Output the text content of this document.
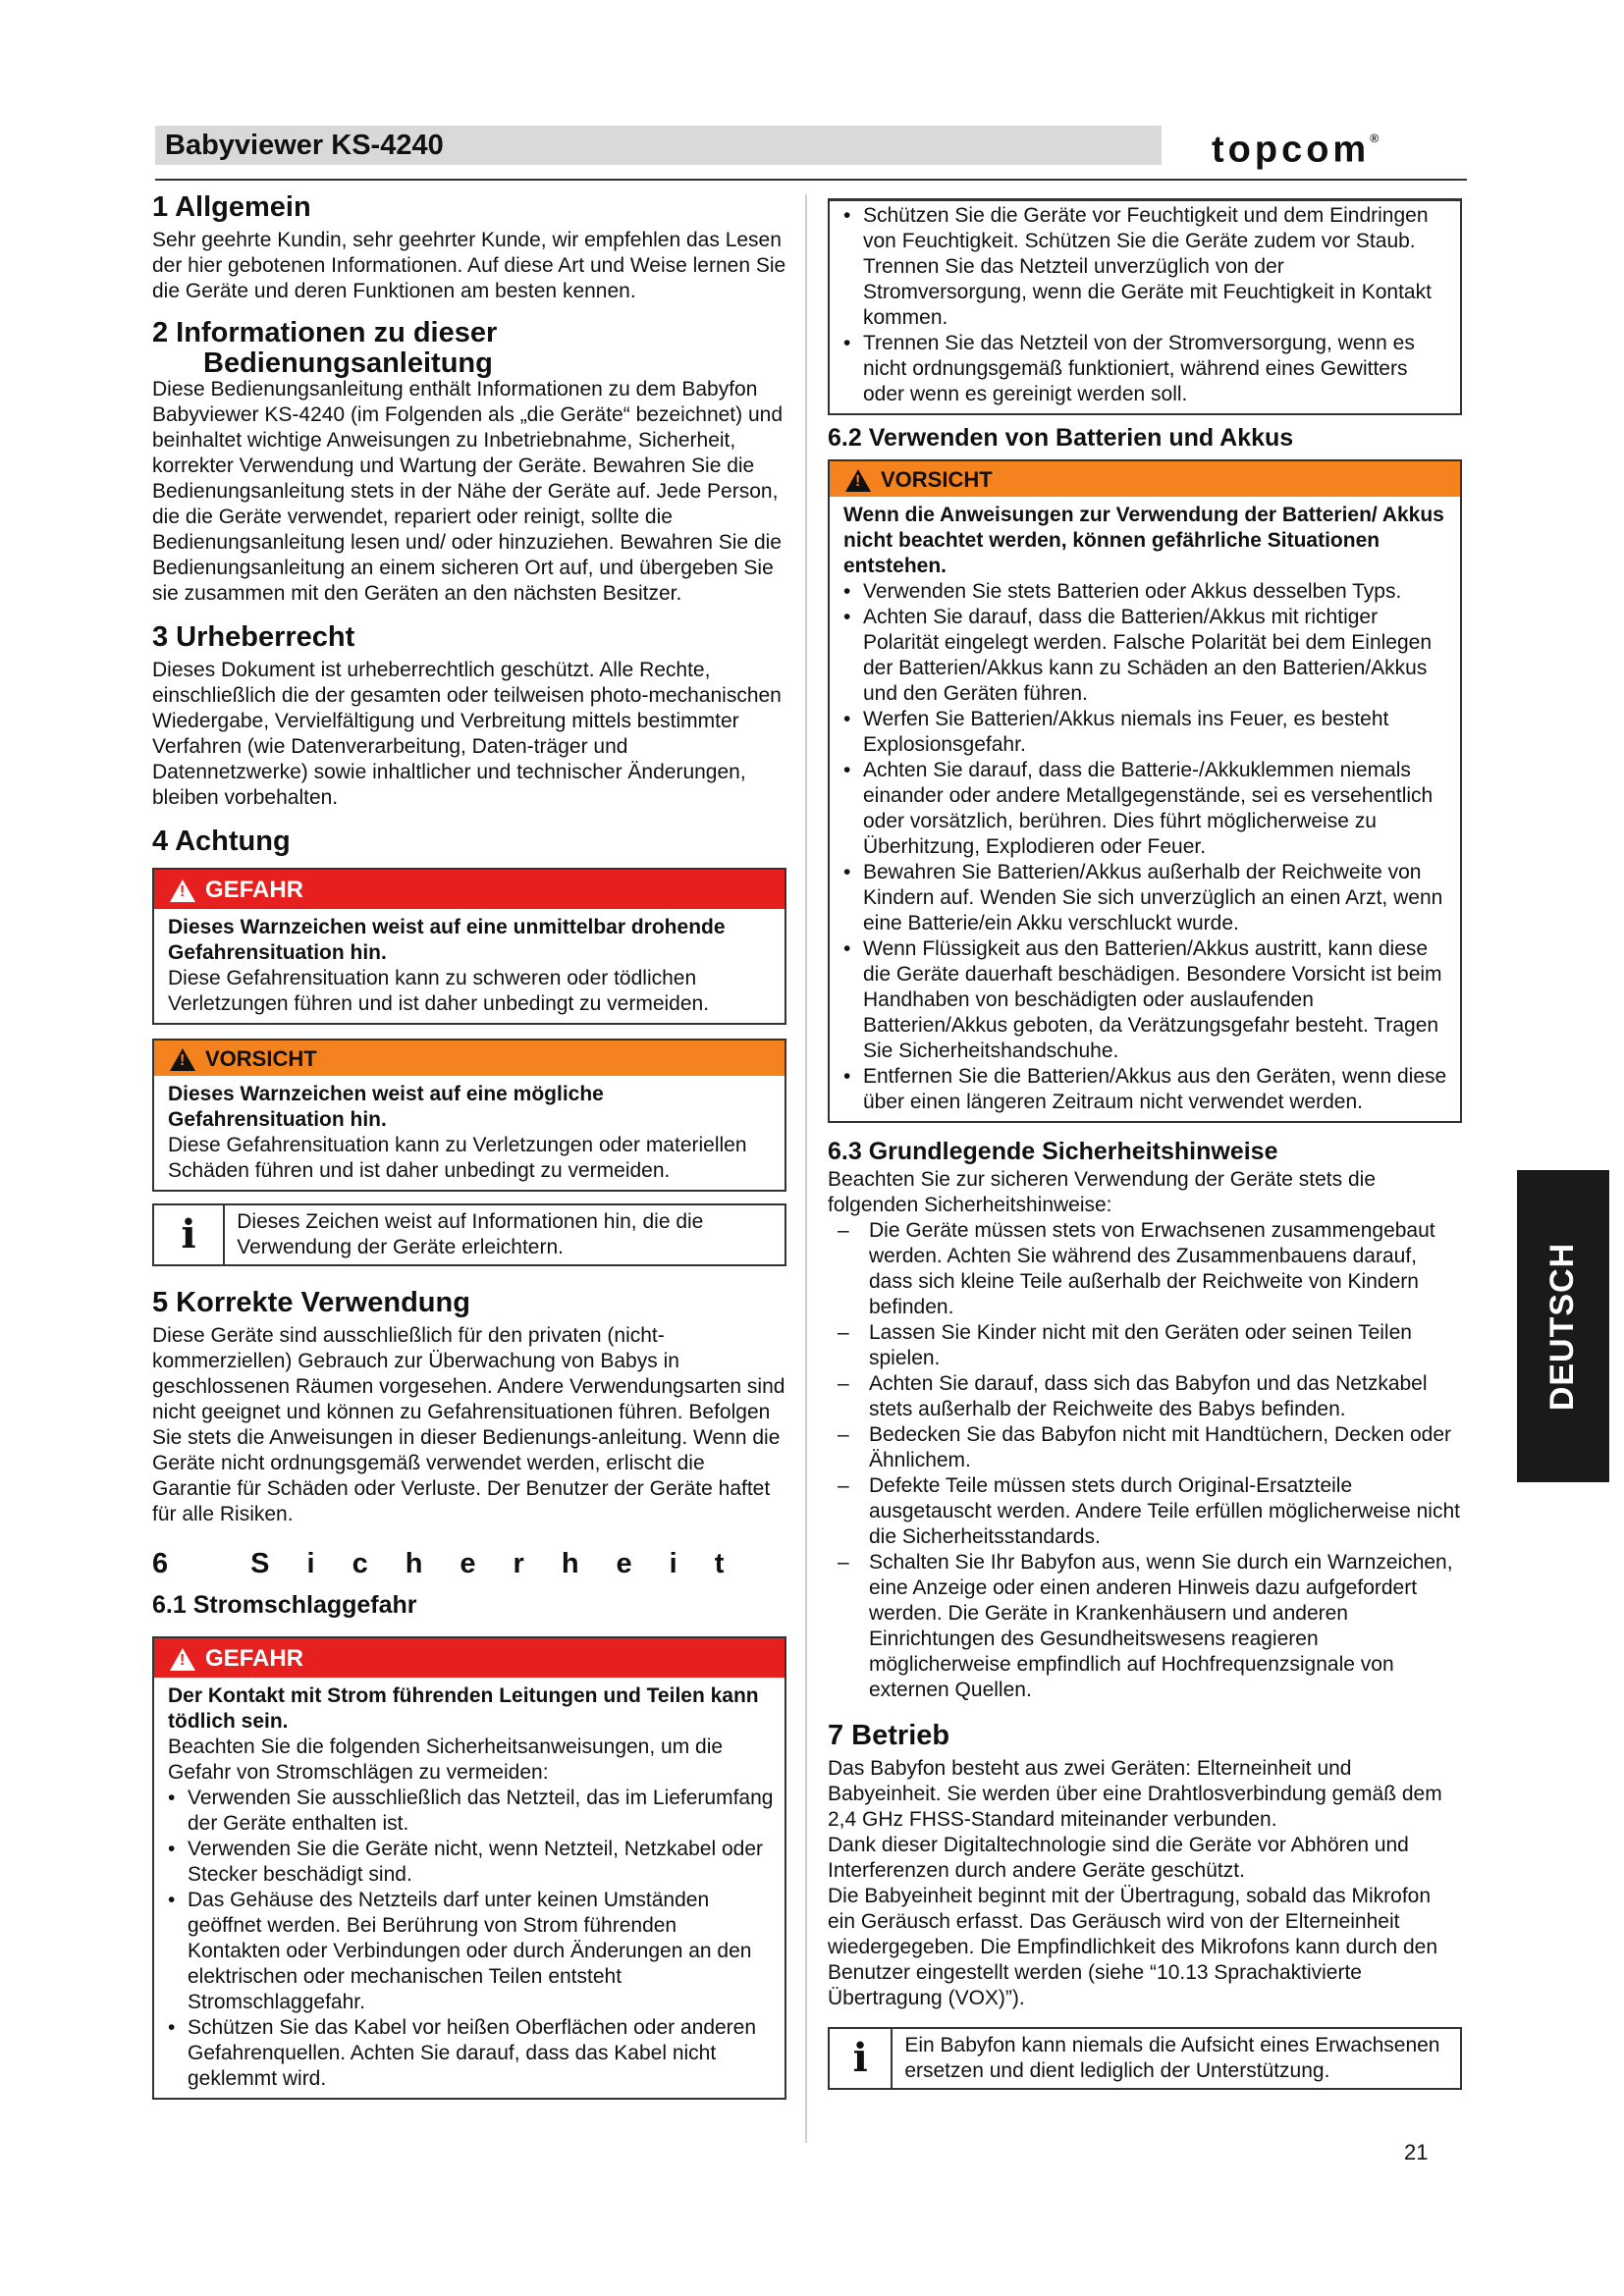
Babyviewer KS-4240	topcom®
1 Allgemein

Sehr geehrte Kundin, sehr geehrter Kunde, wir empfehlen das Lesen der hier gebotenen Informationen. Auf diese Art und Weise lernen Sie die Geräte und deren Funktionen am besten kennen.

2 Informationen zu dieser
Bedienungsanleitung

Diese Bedienungsanleitung enthält Informationen zu dem Babyfon Babyviewer KS-4240 (im Folgenden als „die Geräte“ bezeichnet) und beinhaltet wichtige Anweisungen zu Inbetriebnahme, Sicherheit, korrekter Verwendung und Wartung der Geräte. Bewahren Sie die Bedienungsanleitung stets in der Nähe der Geräte auf. Jede Person, die die Geräte verwendet, repariert oder reinigt, sollte die Bedienungsanleitung lesen und/ oder hinzuziehen. Bewahren Sie die Bedienungsanleitung an einem sicheren Ort auf, und übergeben Sie sie zusammen mit den Geräten an den nächsten Besitzer.

3 Urheberrecht

Dieses Dokument ist urheberrechtlich geschützt. Alle Rechte, einschließlich die der gesamten oder teilweisen photo-mechanischen Wiedergabe, Vervielfältigung und Verbreitung mittels bestimmter Verfahren (wie Datenverarbeitung, Daten-träger und Datennetzwerke) sowie inhaltlicher und technischer Änderungen, bleiben vorbehalten.

4 Achtung
! GEFAHR

Dieses Warnzeichen weist auf eine unmittelbar drohende Gefahrensituation hin.

Diese Gefahrensituation kann zu schweren oder tödlichen Verletzungen führen und ist daher unbedingt zu vermeiden.

! VORSICHT

Dieses Warnzeichen weist auf eine mögliche Gefahrensituation hin.

Diese Gefahrensituation kann zu Verletzungen oder materiellen Schäden führen und ist daher unbedingt zu vermeiden.

i	Dieses Zeichen weist auf Informationen hin, die die Verwendung der Geräte erleichtern.
5 Korrekte Verwendung

Diese Geräte sind ausschließlich für den privaten (nicht-kommerziellen) Gebrauch zur Überwachung von Babys in geschlossenen Räumen vorgesehen. Andere Verwendungsarten sind nicht geeignet und können zu Gefahrensituationen führen. Befolgen Sie stets die Anweisungen in dieser Bedienungs-anleitung. Wenn die Geräte nicht ordnungsgemäß verwendet werden, erlischt die Garantie für Schäden oder Verluste. Der Benutzer der Geräte haftet für alle Risiken.

6 Sicherheit
6.1 Stromschlaggefahr
! GEFAHR

Der Kontakt mit Strom führenden Leitungen und Teilen kann tödlich sein.

Beachten Sie die folgenden Sicherheitsanweisungen, um die Gefahr von Stromschlägen zu vermeiden:

• Verwenden Sie ausschließlich das Netzteil, das im Lieferumfang der Geräte enthalten ist.
• Verwenden Sie die Geräte nicht, wenn Netzteil, Netzkabel oder Stecker beschädigt sind.
• Das Gehäuse des Netzteils darf unter keinen Umständen geöffnet werden. Bei Berührung von Strom führenden Kontakten oder Verbindungen oder durch Änderungen an den elektrischen oder mechanischen Teilen entsteht Stromschlaggefahr.
• Schützen Sie das Kabel vor heißen Oberflächen oder anderen Gefahrenquellen. Achten Sie darauf, dass das Kabel nicht geklemmt wird.
• Schützen Sie die Geräte vor Feuchtigkeit und dem Eindringen von Feuchtigkeit. Schützen Sie die Geräte zudem vor Staub. Trennen Sie das Netzteil unverzüglich von der Stromversorgung, wenn die Geräte mit Feuchtigkeit in Kontakt kommen.
• Trennen Sie das Netzteil von der Stromversorgung, wenn es nicht ordnungsgemäß funktioniert, während eines Gewitters oder wenn es gereinigt werden soll.
6.2 Verwenden von Batterien und Akkus
! VORSICHT

Wenn die Anweisungen zur Verwendung der Batterien/ Akkus nicht beachtet werden, können gefährliche Situationen entstehen.

• Verwenden Sie stets Batterien oder Akkus desselben Typs.
• Achten Sie darauf, dass die Batterien/Akkus mit richtiger Polarität eingelegt werden. Falsche Polarität bei dem Einlegen der Batterien/Akkus kann zu Schäden an den Batterien/Akkus und den Geräten führen.
• Werfen Sie Batterien/Akkus niemals ins Feuer, es besteht Explosionsgefahr.
• Achten Sie darauf, dass die Batterie-/Akkuklemmen niemals einander oder andere Metallgegenstände, sei es versehentlich oder vorsätzlich, berühren. Dies führt möglicherweise zu Überhitzung, Explodieren oder Feuer.
• Bewahren Sie Batterien/Akkus außerhalb der Reichweite von Kindern auf. Wenden Sie sich unverzüglich an einen Arzt, wenn eine Batterie/ein Akku verschluckt wurde.
• Wenn Flüssigkeit aus den Batterien/Akkus austritt, kann diese die Geräte dauerhaft beschädigen. Besondere Vorsicht ist beim Handhaben von beschädigten oder auslaufenden Batterien/Akkus geboten, da Verätzungsgefahr besteht. Tragen Sie Sicherheitshandschuhe.
• Entfernen Sie die Batterien/Akkus aus den Geräten, wenn diese über einen längeren Zeitraum nicht verwendet werden.
6.3 Grundlegende Sicherheitshinweise

Beachten Sie zur sicheren Verwendung der Geräte stets die folgenden Sicherheitshinweise:

– Die Geräte müssen stets von Erwachsenen zusammengebaut werden. Achten Sie während des Zusammenbauens darauf, dass sich kleine Teile außerhalb der Reichweite von Kindern befinden.
– Lassen Sie Kinder nicht mit den Geräten oder seinen Teilen spielen.
– Achten Sie darauf, dass sich das Babyfon und das Netzkabel stets außerhalb der Reichweite des Babys befinden.
– Bedecken Sie das Babyfon nicht mit Handtüchern, Decken oder Ähnlichem.
– Defekte Teile müssen stets durch Original-Ersatzteile ausgetauscht werden. Andere Teile erfüllen möglicherweise nicht die Sicherheitsstandards.
– Schalten Sie Ihr Babyfon aus, wenn Sie durch ein Warnzeichen, eine Anzeige oder einen anderen Hinweis dazu aufgefordert werden. Die Geräte in Krankenhäusern und anderen Einrichtungen des Gesundheitswesens reagieren möglicherweise empfindlich auf Hochfrequenzsignale von externen Quellen.
7 Betrieb

Das Babyfon besteht aus zwei Geräten: Elterneinheit und Babyeinheit. Sie werden über eine Drahtlosverbindung gemäß dem 2,4 GHz FHSS-Standard miteinander verbunden.

Dank dieser Digitaltechnologie sind die Geräte vor Abhören und Interferenzen durch andere Geräte geschützt.

Die Babyeinheit beginnt mit der Übertragung, sobald das Mikrofon ein Geräusch erfasst. Das Geräusch wird von der Elterneinheit wiedergegeben. Die Empfindlichkeit des Mikrofons kann durch den Benutzer eingestellt werden (siehe “10.13 Sprachaktivierte Übertragung (VOX)”).

i	Ein Babyfon kann niemals die Aufsicht eines Erwachsenen ersetzen und dient lediglich der Unterstützung.
DEUTSCH
21
